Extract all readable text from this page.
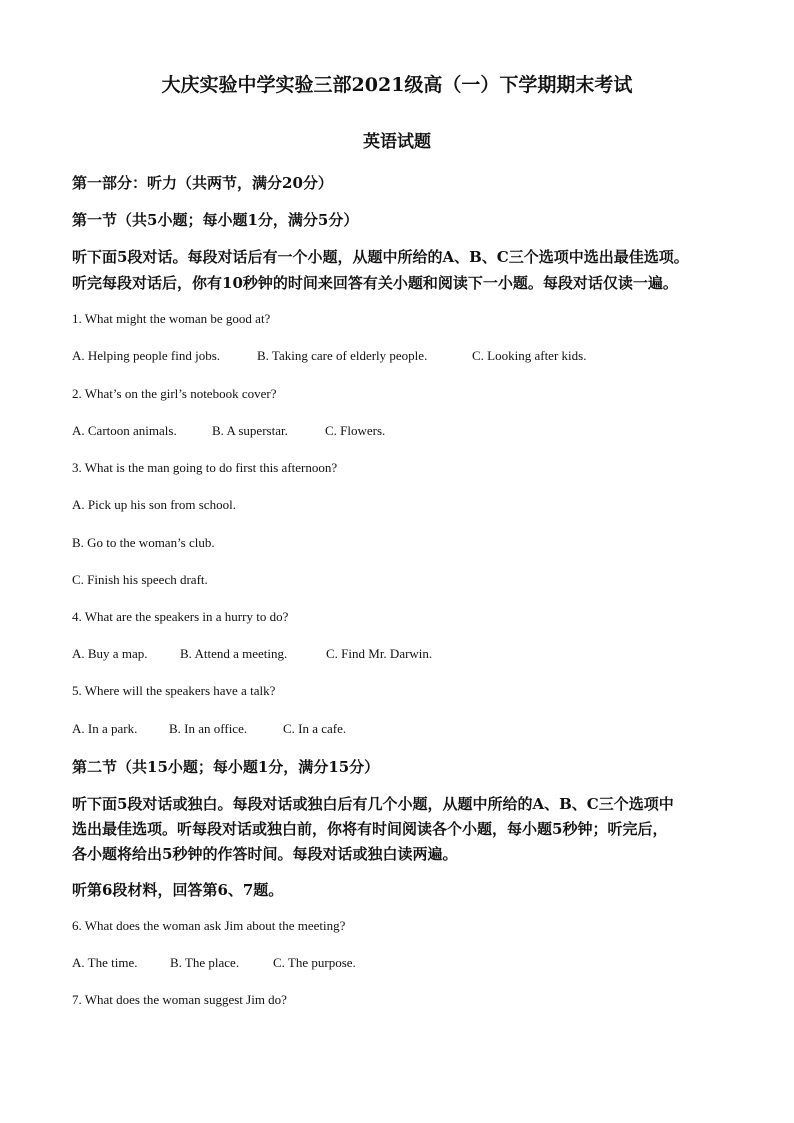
大庆实验中学实验三部2021级高（一）下学期期末考试
英语试题
第一部分：听力（共两节，满分20分）
第一节（共5小题；每小题1分，满分5分）
听下面5段对话。每段对话后有一个小题，从题中所给的A、B、C三个选项中选出最佳选项。
听完每段对话后，你有10秒钟的时间来回答有关小题和阅读下一小题。每段对话仅读一遍。
1. What might the woman be good at?
A. Helping people find jobs.	B. Taking care of elderly people.	C. Looking after kids.
2. What’s on the girl’s notebook cover?
A. Cartoon animals.	B. A superstar.	C. Flowers.
3. What is the man going to do first this afternoon?
A. Pick up his son from school.
B. Go to the woman’s club.
C. Finish his speech draft.
4. What are the speakers in a hurry to do?
A. Buy a map.	B. Attend a meeting.	C. Find Mr. Darwin.
5. Where will the speakers have a talk?
A. In a park. B. In an office.	C. In a cafe.
第二节（共15小题；每小题1分，满分15分）
听下面5段对话或独白。每段对话或独白后有几个小题，从题中所给的A、B、C三个选项中
选出最佳选项。听每段对话或独白前，你将有时间阅读各个小题，每小题5秒钟；听完后，
各小题将给出5秒钟的作答时间。每段对话或独白读两遍。
听第6段材料，回答第6、7题。
6. What does the woman ask Jim about the meeting?
A. The time.	B. The place.	C. The purpose.
7. What does the woman suggest Jim do?
